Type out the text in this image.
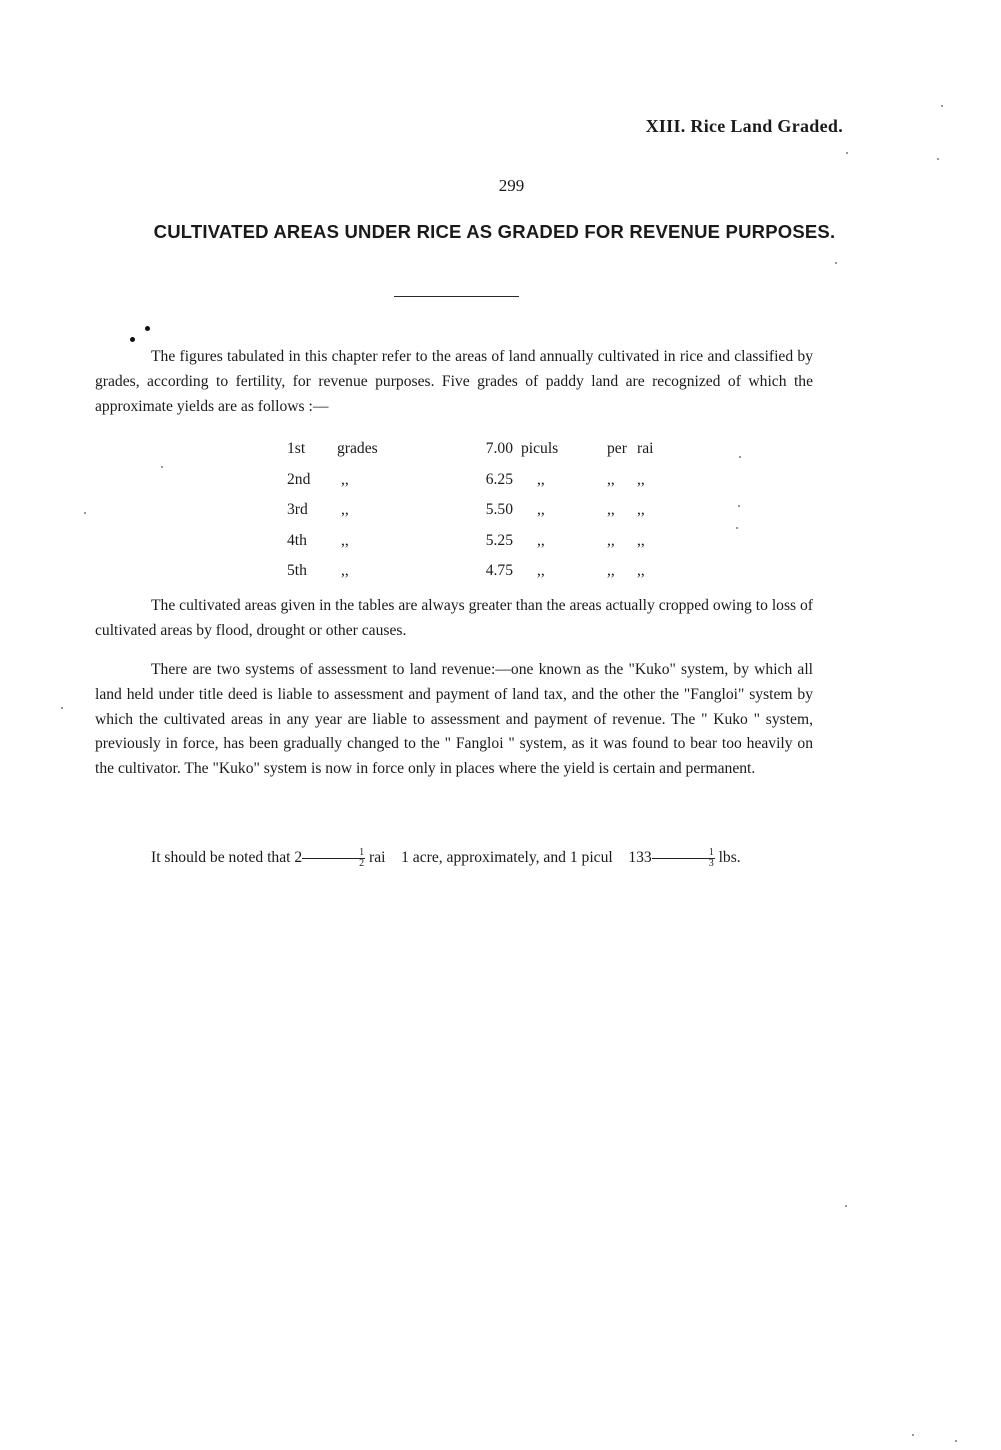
XIII. Rice Land Graded.
299
CULTIVATED AREAS UNDER RICE AS GRADED FOR REVENUE PURPOSES.

The figures tabulated in this chapter refer to the areas of land annually cultivated in rice and classified by grades, according to fertility, for revenue purposes. Five grades of paddy land are recognized of which the approximate yields are as follows :—

1st	grades	7.00	piculs	per	rai
2nd	,,	6.25	,,	,,	,,
3rd	,,	5.50	,,	,,	,,
4th	,,	5.25	,,	,,	,,
5th	,,	4.75	,,	,,	,,

The cultivated areas given in the tables are always greater than the areas actually cropped owing to loss of cultivated areas by flood, drought or other causes.

There are two systems of assessment to land revenue:—one known as the "Kuko" system, by which all land held under title deed is liable to assessment and payment of land tax, and the other the "Fangloi" system by which the cultivated areas in any year are liable to assessment and payment of revenue. The " Kuko " system, previously in force, has been gradually changed to the " Fangloi " system, as it was found to bear too heavily on the cultivator. The "Kuko" system is now in force only in places where the yield is certain and permanent.

It should be noted that $2 \frac{1}{2}$ rai    1 acre, approximately, and 1 picul    $133 \frac{1}{3}$ lbs.
